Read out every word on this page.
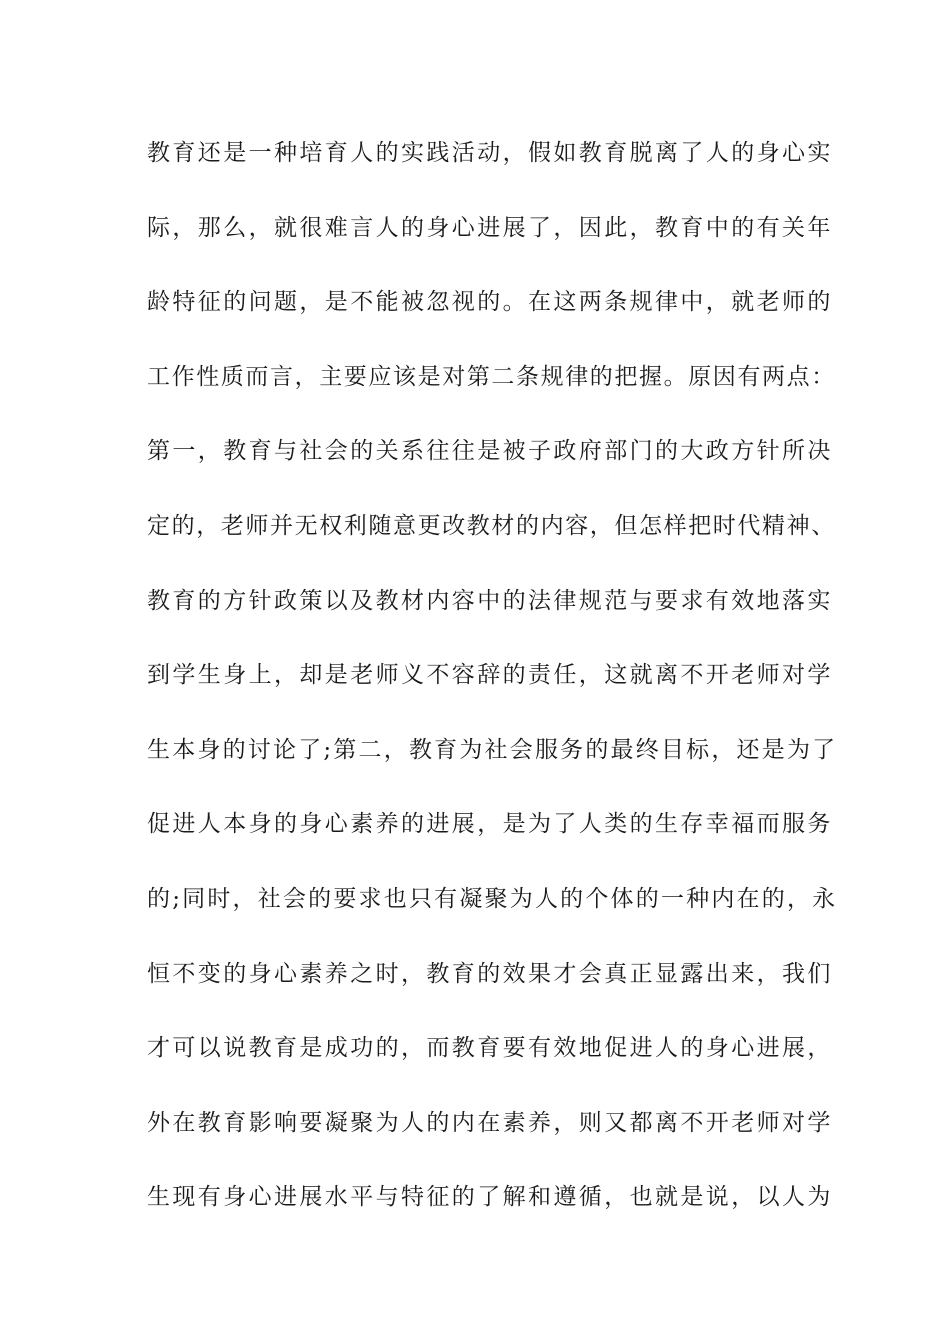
教育还是一种培育人的实践活动，假如教育脱离了人的身心实
际，那么，就很难言人的身心进展了，因此，教育中的有关年
龄特征的问题，是不能被忽视的。在这两条规律中，就老师的
工作性质而言，主要应该是对第二条规律的把握。原因有两点：
第一，教育与社会的关系往往是被子政府部门的大政方针所决
定的，老师并无权利随意更改教材的内容，但怎样把时代精神、
教育的方针政策以及教材内容中的法律规范与要求有效地落实
到学生身上，却是老师义不容辞的责任，这就离不开老师对学
生本身的讨论了;第二，教育为社会服务的最终目标，还是为了
促进人本身的身心素养的进展，是为了人类的生存幸福而服务
的;同时，社会的要求也只有凝聚为人的个体的一种内在的，永
恒不变的身心素养之时，教育的效果才会真正显露出来，我们
才可以说教育是成功的，而教育要有效地促进人的身心进展，
外在教育影响要凝聚为人的内在素养，则又都离不开老师对学
生现有身心进展水平与特征的了解和遵循，也就是说，以人为
